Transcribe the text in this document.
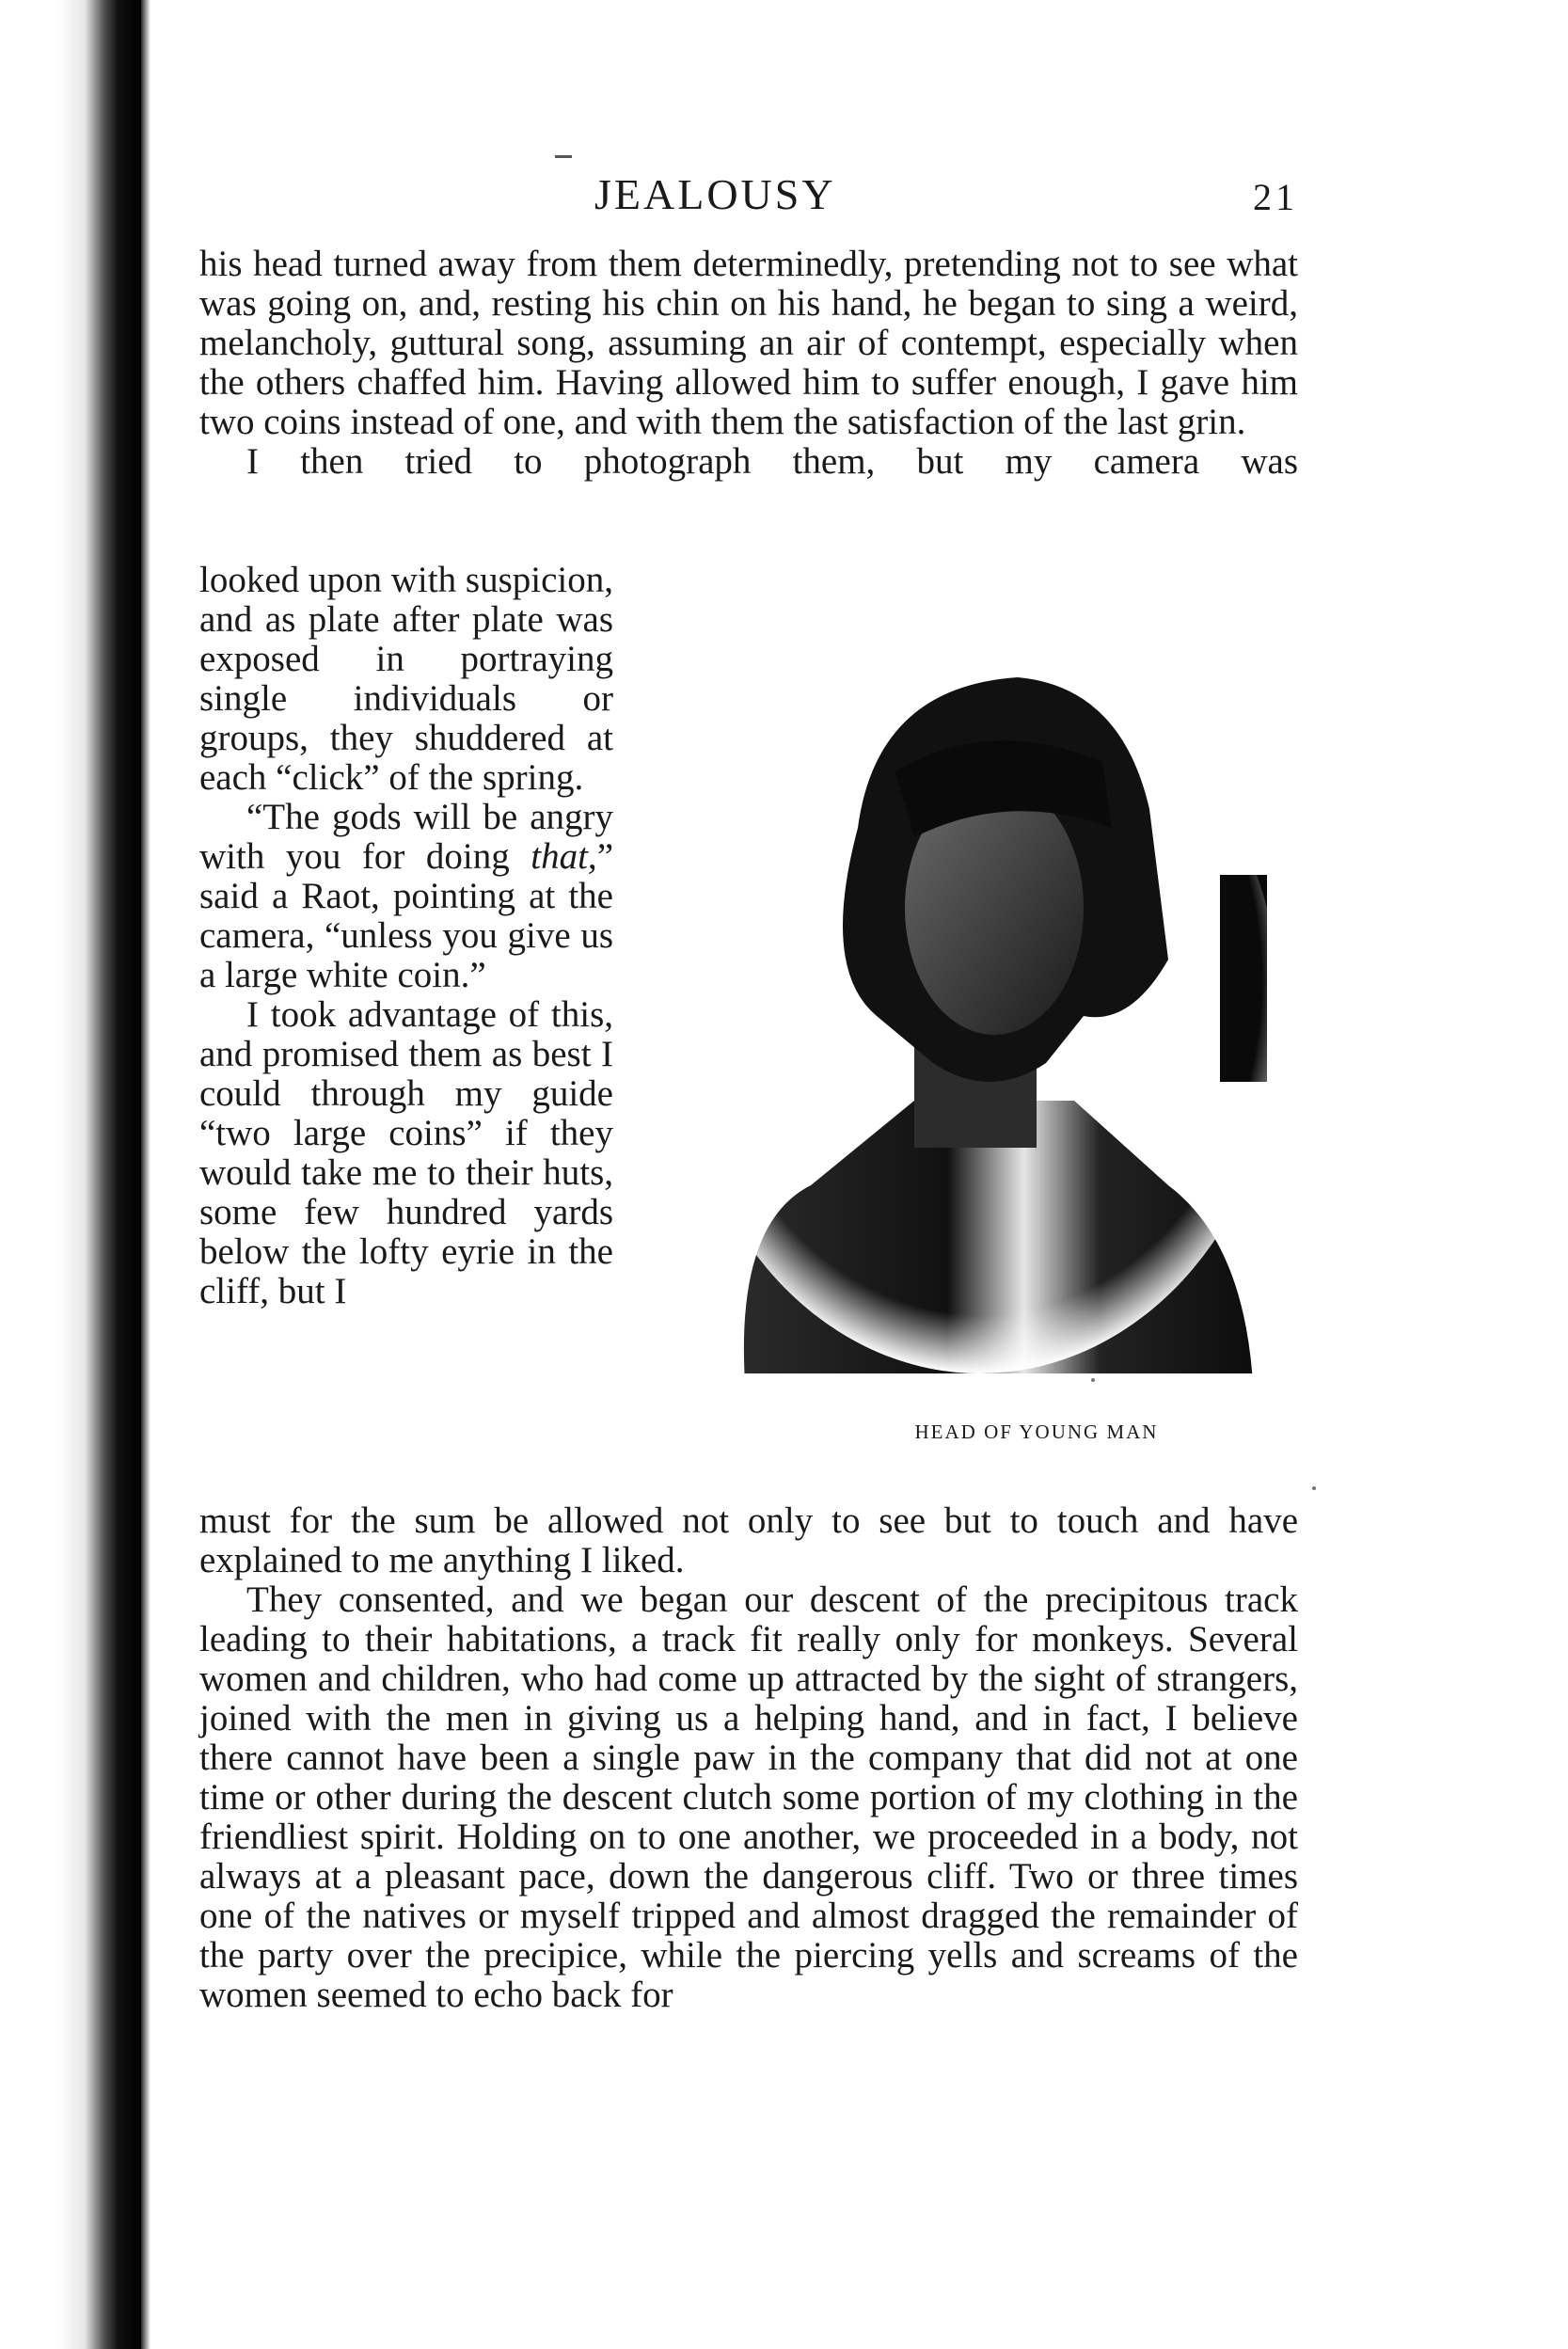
JEALOUSY	21

his head turned away from them determinedly, pretending not to see what was going on, and, resting his chin on his hand, he began to sing a weird, melancholy, guttural song, assuming an air of contempt, especially when the others chaffed him. Having allowed him to suffer enough, I gave him two coins instead of one, and with them the satisfaction of the last grin.

I then tried to photograph them, but my camera was

looked upon with suspicion, and as plate after plate was exposed in portraying single individuals or groups, they shuddered at each “click” of the spring.

“The gods will be angry with you for doing that,” said a Raot, pointing at the camera, “unless you give us a large white coin.”

I took advantage of this, and promised them as best I could through my guide “two large coins” if they would take me to their huts, some few hundred yards below the lofty eyrie in the cliff, but I

HEAD OF YOUNG MAN

must for the sum be allowed not only to see but to touch and have explained to me anything I liked.

They consented, and we began our descent of the precipitous track leading to their habitations, a track fit really only for monkeys. Several women and children, who had come up attracted by the sight of strangers, joined with the men in giving us a helping hand, and in fact, I believe there cannot have been a single paw in the company that did not at one time or other during the descent clutch some portion of my clothing in the friendliest spirit. Holding on to one another, we proceeded in a body, not always at a pleasant pace, down the dangerous cliff. Two or three times one of the natives or myself tripped and almost dragged the remainder of the party over the precipice, while the piercing yells and screams of the women seemed to echo back for
